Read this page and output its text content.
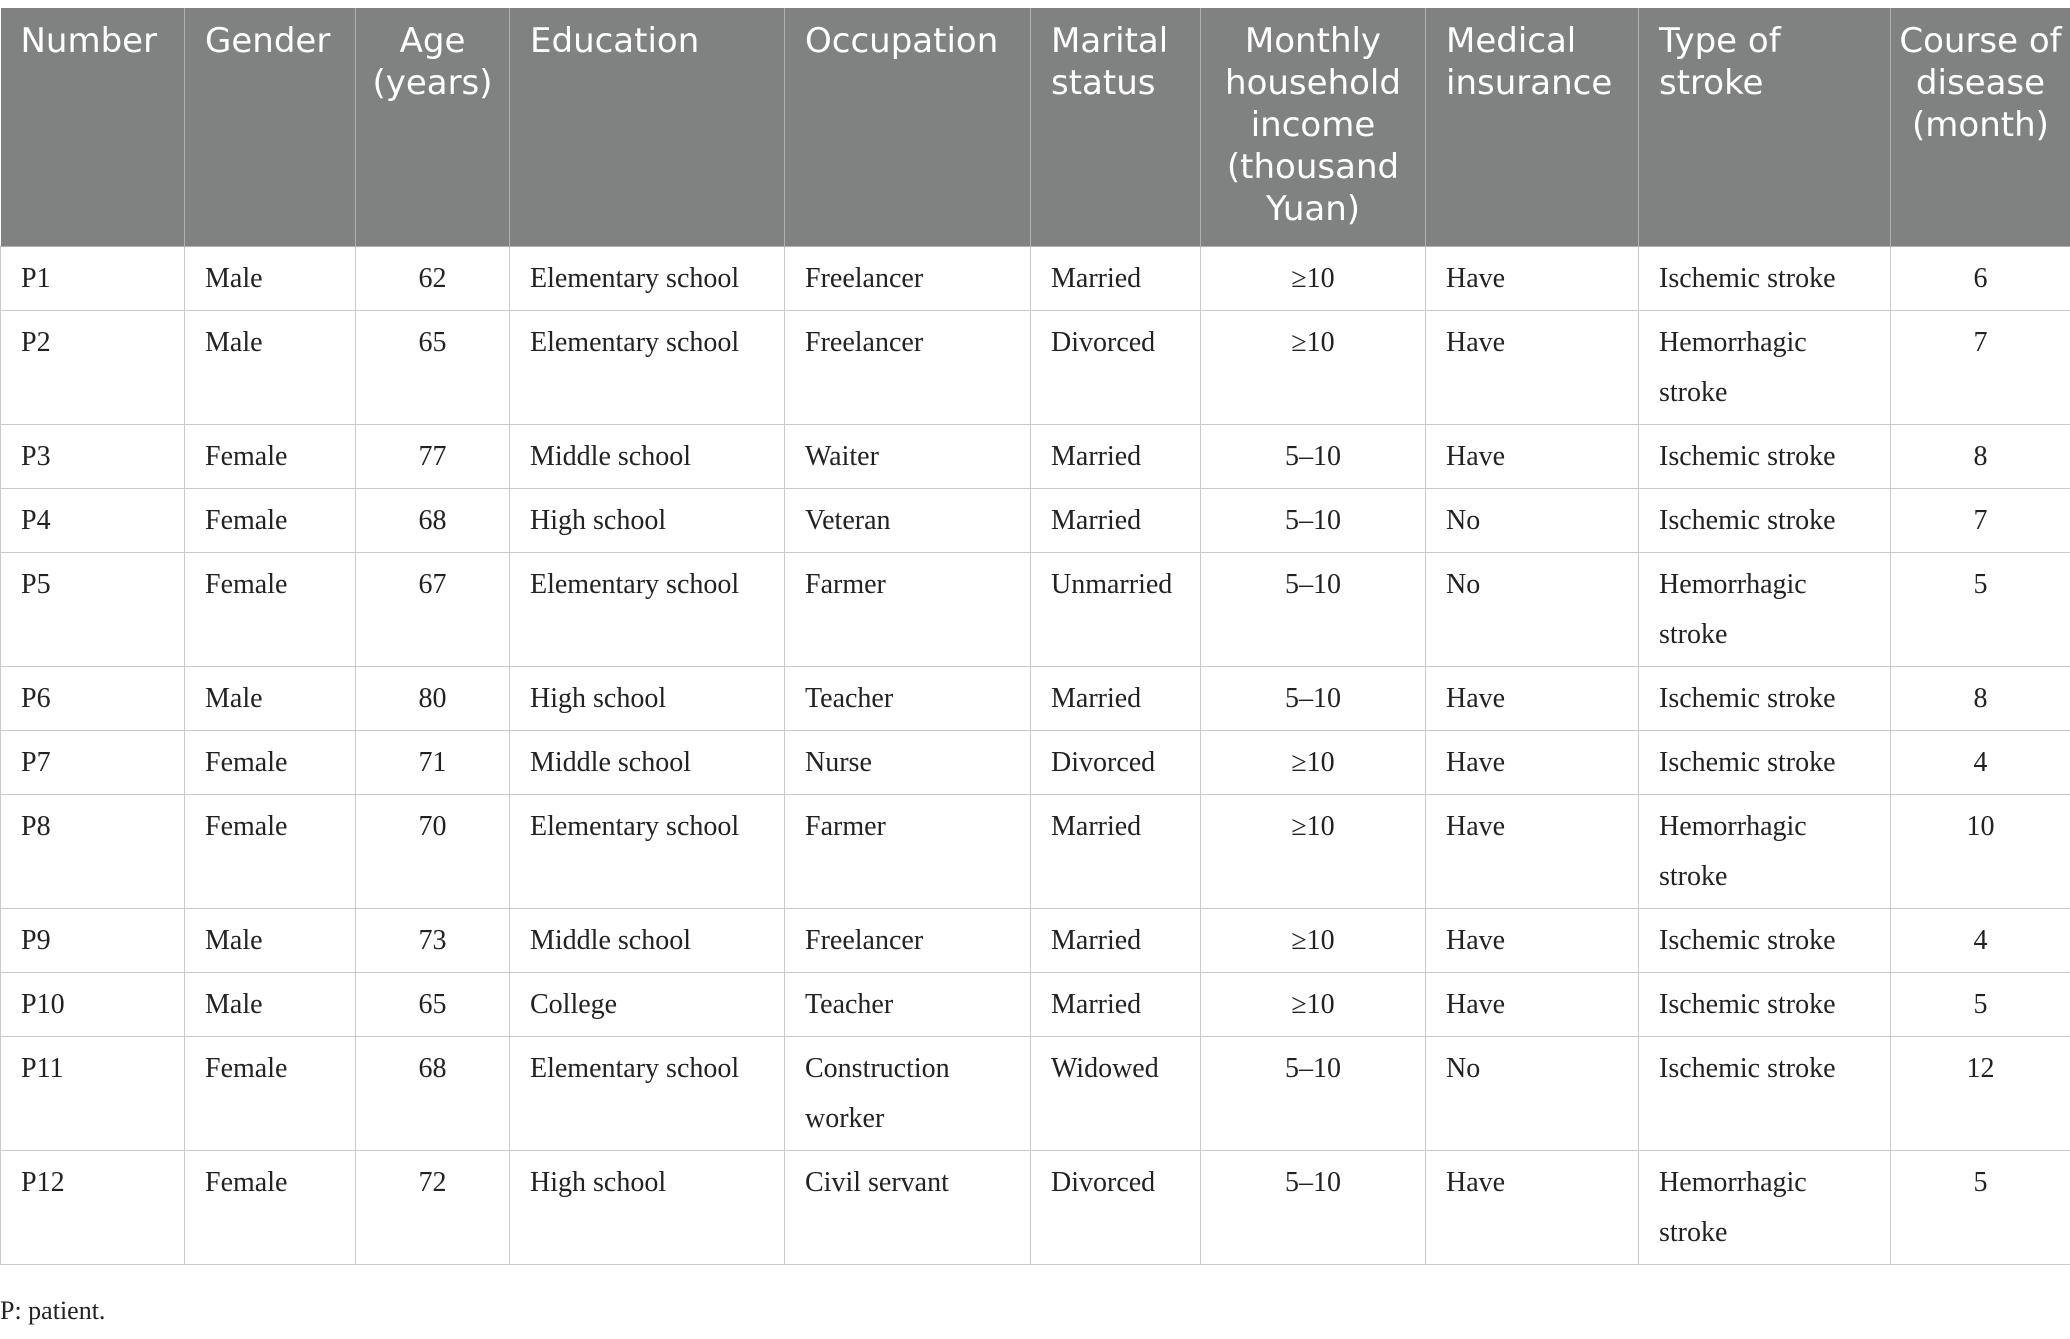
Number	Gender	Age (years)	Education	Occupation	Marital status	Monthly household income (thousand Yuan)	Medical insurance	Type of stroke	Course of disease (month)
P1	Male	62	Elementary school	Freelancer	Married	≥10	Have	Ischemic stroke	6
P2	Male	65	Elementary school	Freelancer	Divorced	≥10	Have	Hemorrhagic stroke	7
P3	Female	77	Middle school	Waiter	Married	5–10	Have	Ischemic stroke	8
P4	Female	68	High school	Veteran	Married	5–10	No	Ischemic stroke	7
P5	Female	67	Elementary school	Farmer	Unmarried	5–10	No	Hemorrhagic stroke	5
P6	Male	80	High school	Teacher	Married	5–10	Have	Ischemic stroke	8
P7	Female	71	Middle school	Nurse	Divorced	≥10	Have	Ischemic stroke	4
P8	Female	70	Elementary school	Farmer	Married	≥10	Have	Hemorrhagic stroke	10
P9	Male	73	Middle school	Freelancer	Married	≥10	Have	Ischemic stroke	4
P10	Male	65	College	Teacher	Married	≥10	Have	Ischemic stroke	5
P11	Female	68	Elementary school	Construction worker	Widowed	5–10	No	Ischemic stroke	12
P12	Female	72	High school	Civil servant	Divorced	5–10	Have	Hemorrhagic stroke	5

P: patient.
